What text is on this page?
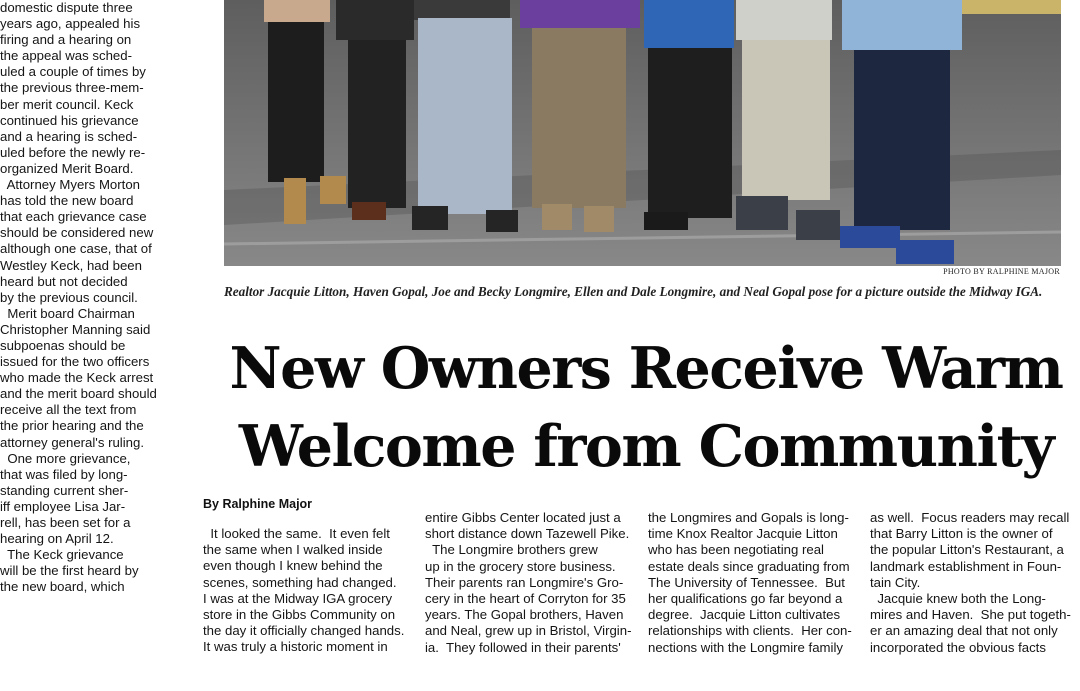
domestic dispute three

years ago, appealed his

firing and a hearing on

the appeal was sched-

uled a couple of times by

the previous three-mem-

ber merit council. Keck

continued his grievance

and a hearing is sched-

uled before the newly re-

organized Merit Board.

Attorney Myers Morton

has told the new board

that each grievance case

should be considered new

although one case, that of

Westley Keck, had been

heard but not decided

by the previous council.

Merit board Chairman

Christopher Manning said

subpoenas should be

issued for the two officers

who made the Keck arrest

and the merit board should

receive all the text from

the prior hearing and the

attorney general's ruling.

One more grievance,

that was filed by long-

standing current sher-

iff employee Lisa Jar-

rell, has been set for a

hearing on April 12.

The Keck grievance

will be the first heard by

the new board, which

PHOTO BY RALPHINE MAJOR
Realtor Jacquie Litton, Haven Gopal, Joe and Becky Longmire, Ellen and Dale Longmire, and Neal Gopal pose for a picture outside the Midway IGA.
New Owners Receive Warm
Welcome from Community
By Ralphine Major

It looked the same.  It even felt

the same when I walked inside

even though I knew behind the

scenes, something had changed.

I was at the Midway IGA grocery

store in the Gibbs Community on

the day it officially changed hands.

It was truly a historic moment in

entire Gibbs Center located just a

short distance down Tazewell Pike.

The Longmire brothers grew

up in the grocery store business.

Their parents ran Longmire's Gro-

cery in the heart of Corryton for 35

years. The Gopal brothers, Haven

and Neal, grew up in Bristol, Virgin-

ia.  They followed in their parents'

the Longmires and Gopals is long-

time Knox Realtor Jacquie Litton

who has been negotiating real

estate deals since graduating from

The University of Tennessee.  But

her qualifications go far beyond a

degree.  Jacquie Litton cultivates

relationships with clients.  Her con-

nections with the Longmire family

as well.  Focus readers may recall

that Barry Litton is the owner of

the popular Litton's Restaurant, a

landmark establishment in Foun-

tain City.

Jacquie knew both the Long-

mires and Haven.  She put togeth-

er an amazing deal that not only

incorporated the obvious facts
